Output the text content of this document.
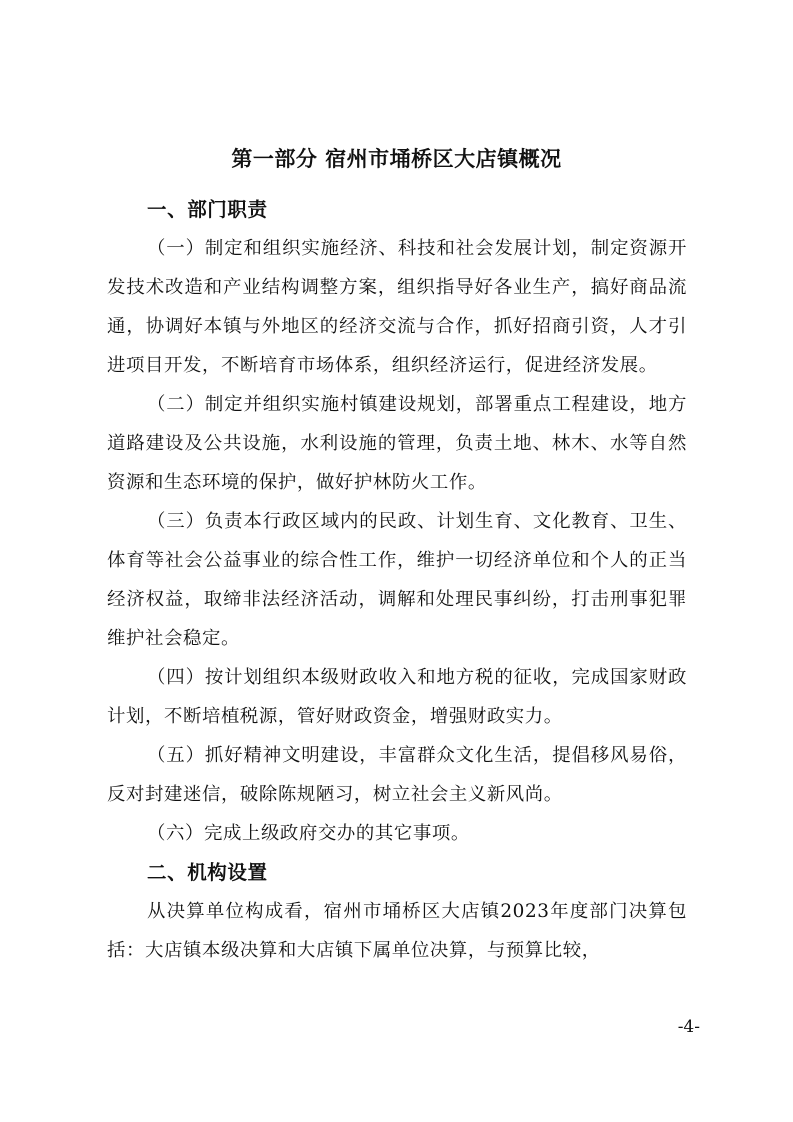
第一部分 宿州市埇桥区大店镇概况

一、部门职责

（一）制定和组织实施经济、科技和社会发展计划，制定资源开发技术改造和产业结构调整方案，组织指导好各业生产，搞好商品流通，协调好本镇与外地区的经济交流与合作，抓好招商引资，人才引进项目开发，不断培育市场体系，组织经济运行，促进经济发展。

（二）制定并组织实施村镇建设规划，部署重点工程建设，地方道路建设及公共设施，水利设施的管理，负责土地、林木、水等自然资源和生态环境的保护，做好护林防火工作。

（三）负责本行政区域内的民政、计划生育、文化教育、卫生、体育等社会公益事业的综合性工作，维护一切经济单位和个人的正当经济权益，取缔非法经济活动，调解和处理民事纠纷，打击刑事犯罪维护社会稳定。

（四）按计划组织本级财政收入和地方税的征收，完成国家财政计划，不断培植税源，管好财政资金，增强财政实力。

（五）抓好精神文明建设，丰富群众文化生活，提倡移风易俗，反对封建迷信，破除陈规陋习，树立社会主义新风尚。

（六）完成上级政府交办的其它事项。

二、机构设置

从决算单位构成看，宿州市埇桥区大店镇2023年度部门决算包括：大店镇本级决算和大店镇下属单位决算，与预算比较，

-4-
